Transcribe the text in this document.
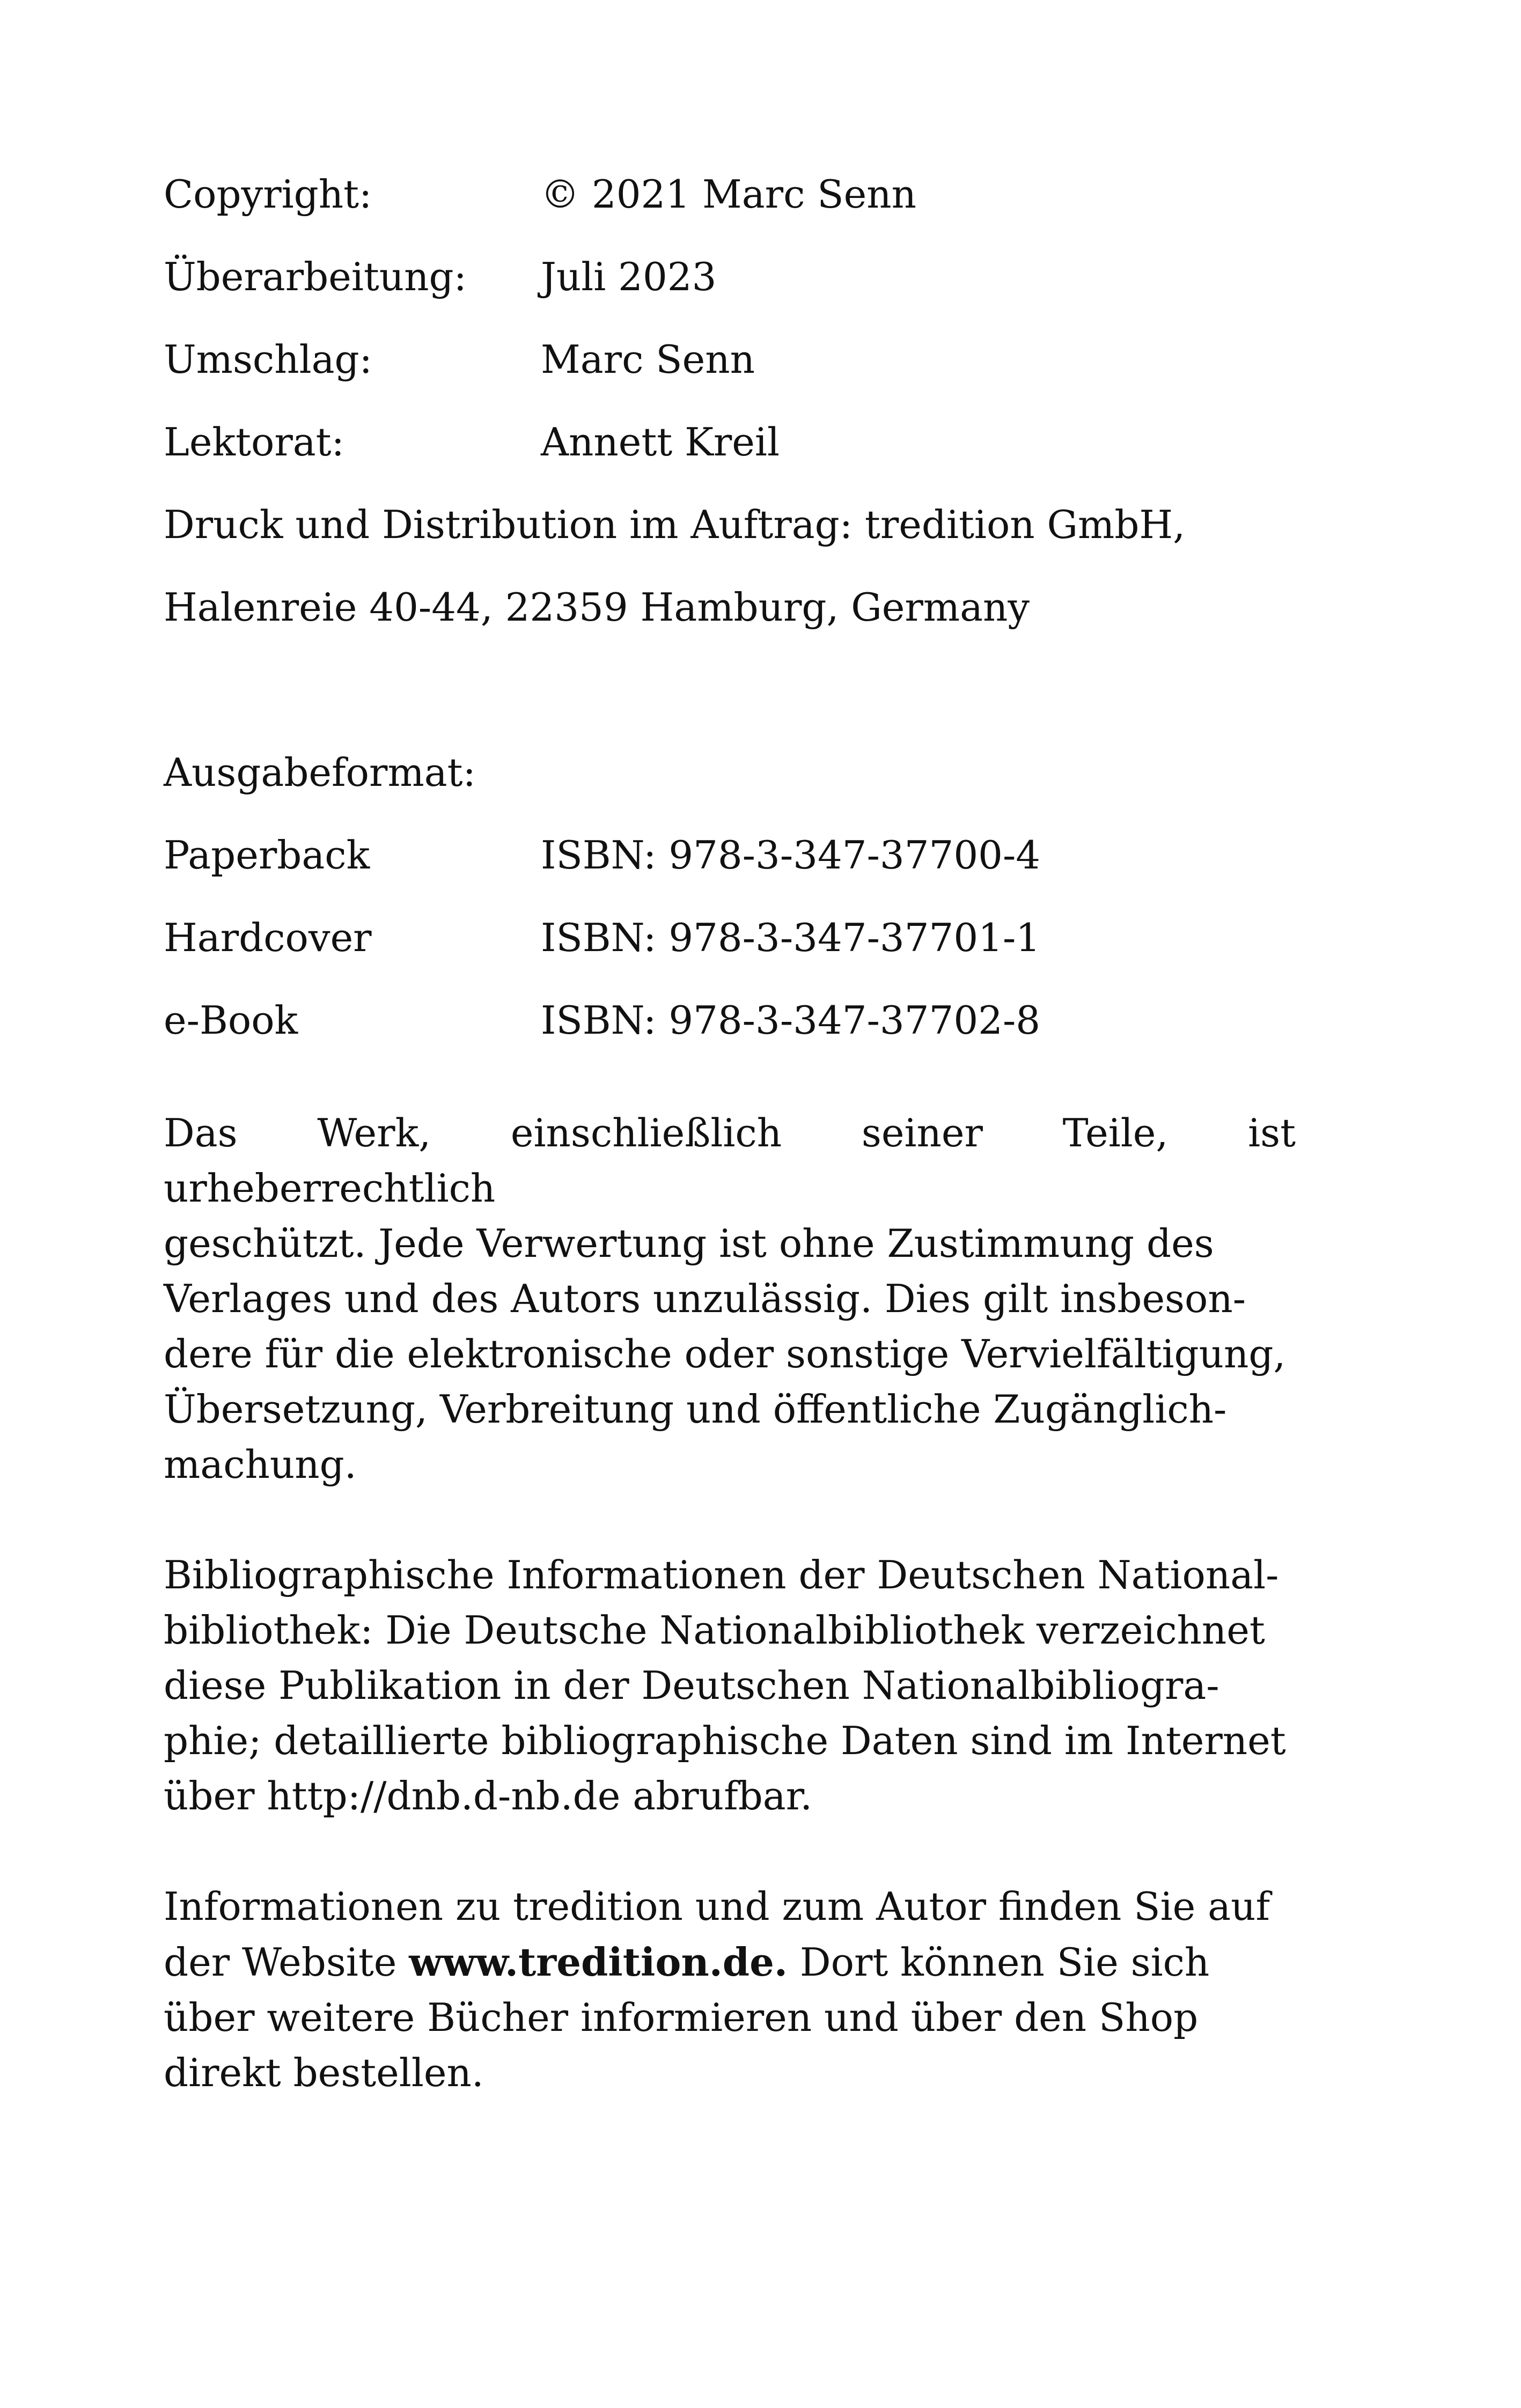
Copyright:	© 2021 Marc Senn
Überarbeitung:	Juli 2023
Umschlag:	Marc Senn
Lektorat:	Annett Kreil
Druck und Distribution im Auftrag: tredition GmbH,
Halenreie 40-44, 22359 Hamburg, Germany
Ausgabeformat:
Paperback	ISBN: 978-3-347-37700-4
Hardcover	ISBN: 978-3-347-37701-1
e-Book	ISBN: 978-3-347-37702-8
Das Werk, einschließlich seiner Teile, ist urheberrechtlich
geschützt. Jede Verwertung ist ohne Zustimmung des
Verlages und des Autors unzulässig. Dies gilt insbeson-
dere für die elektronische oder sonstige Vervielfältigung,
Übersetzung, Verbreitung und öffentliche Zugänglich-
machung.
Bibliographische Informationen der Deutschen National-
bibliothek: Die Deutsche Nationalbibliothek verzeichnet
diese Publikation in der Deutschen Nationalbibliogra-
phie; detaillierte bibliographische Daten sind im Internet
über http://dnb.d-nb.de abrufbar.
Informationen zu tredition und zum Autor finden Sie auf
der Website www.tredition.de. Dort können Sie sich
über weitere Bücher informieren und über den Shop
direkt bestellen.
